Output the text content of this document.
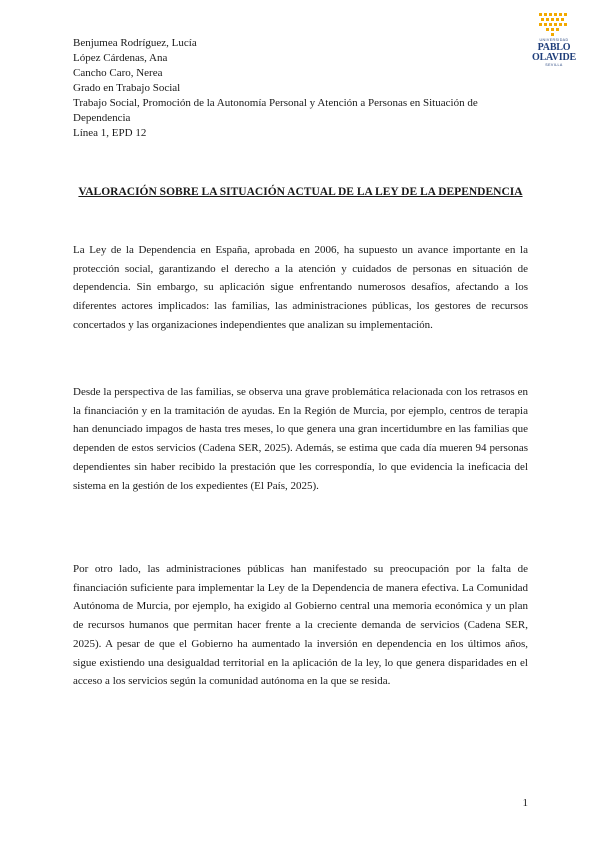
Benjumea Rodríguez, Lucía
López Cárdenas, Ana
Cancho Caro, Nerea
Grado en Trabajo Social
Trabajo Social, Promoción de la Autonomía Personal y Atención a Personas en Situación de Dependencia
Línea 1, EPD 12
UNIVERSIDAD
PABLO
OLAVIDE
SEVILLA
VALORACIÓN SOBRE LA SITUACIÓN ACTUAL DE LA LEY DE LA DEPENDENCIA

La Ley de la Dependencia en España, aprobada en 2006, ha supuesto un avance importante en la protección social, garantizando el derecho a la atención y cuidados de personas en situación de dependencia. Sin embargo, su aplicación sigue enfrentando numerosos desafíos, afectando a los diferentes actores implicados: las familias, las administraciones públicas, los gestores de recursos concertados y las organizaciones independientes que analizan su implementación.

Desde la perspectiva de las familias, se observa una grave problemática relacionada con los retrasos en la financiación y en la tramitación de ayudas. En la Región de Murcia, por ejemplo, centros de terapia han denunciado impagos de hasta tres meses, lo que genera una gran incertidumbre en las familias que dependen de estos servicios (Cadena SER, 2025). Además, se estima que cada día mueren 94 personas dependientes sin haber recibido la prestación que les correspondía, lo que evidencia la ineficacia del sistema en la gestión de los expedientes (El País, 2025).

Por otro lado, las administraciones públicas han manifestado su preocupación por la falta de financiación suficiente para implementar la Ley de la Dependencia de manera efectiva. La Comunidad Autónoma de Murcia, por ejemplo, ha exigido al Gobierno central una memoria económica y un plan de recursos humanos que permitan hacer frente a la creciente demanda de servicios (Cadena SER, 2025). A pesar de que el Gobierno ha aumentado la inversión en dependencia en los últimos años, sigue existiendo una desigualdad territorial en la aplicación de la ley, lo que genera disparidades en el acceso a los servicios según la comunidad autónoma en la que se resida.

1
